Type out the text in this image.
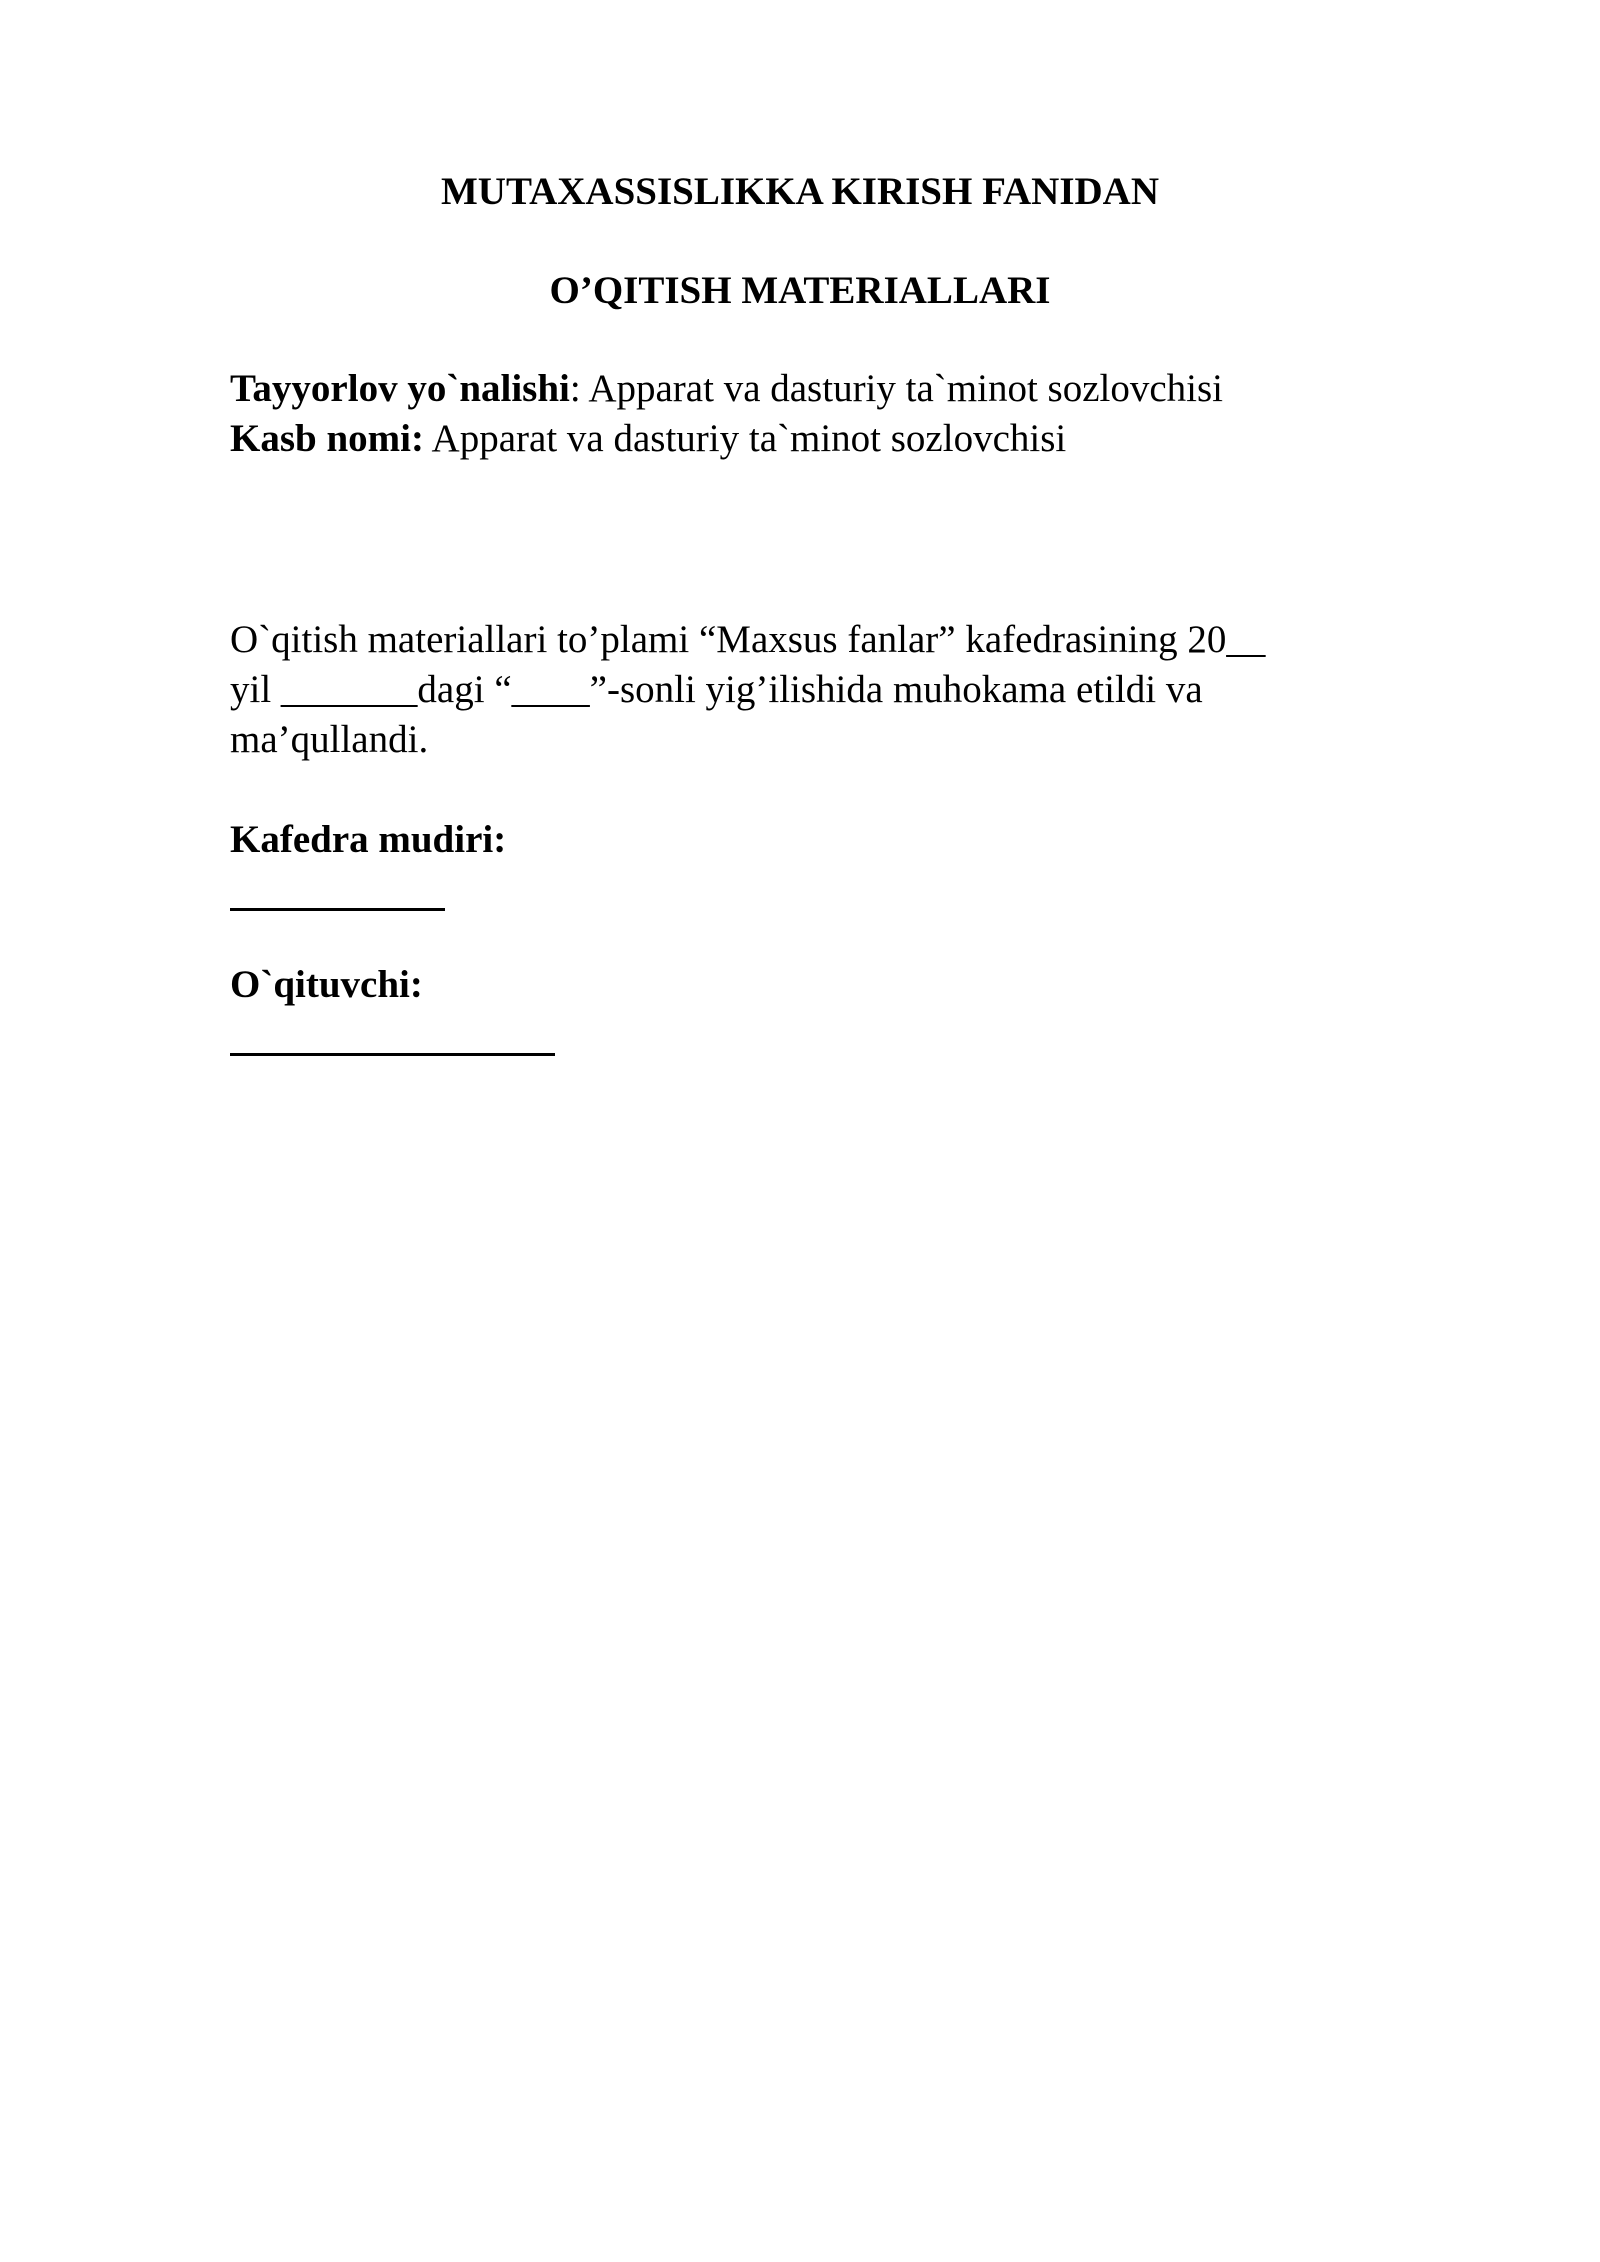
MUTAXASSISLIKKA KIRISH FANIDAN
O’QITISH MATERIALLARI
Tayyorlov yo`nalishi: Apparat va dasturiy ta`minot sozlovchisi
Kasb nomi: Apparat va dasturiy ta`minot sozlovchisi
O`qitish materiallari to’plami “Maxsus fanlar” kafedrasining 20__
yil _______dagi “____”-sonli yig’ilishida muhokama etildi va
ma’qullandi.
Kafedra mudiri:
O`qituvchi:
